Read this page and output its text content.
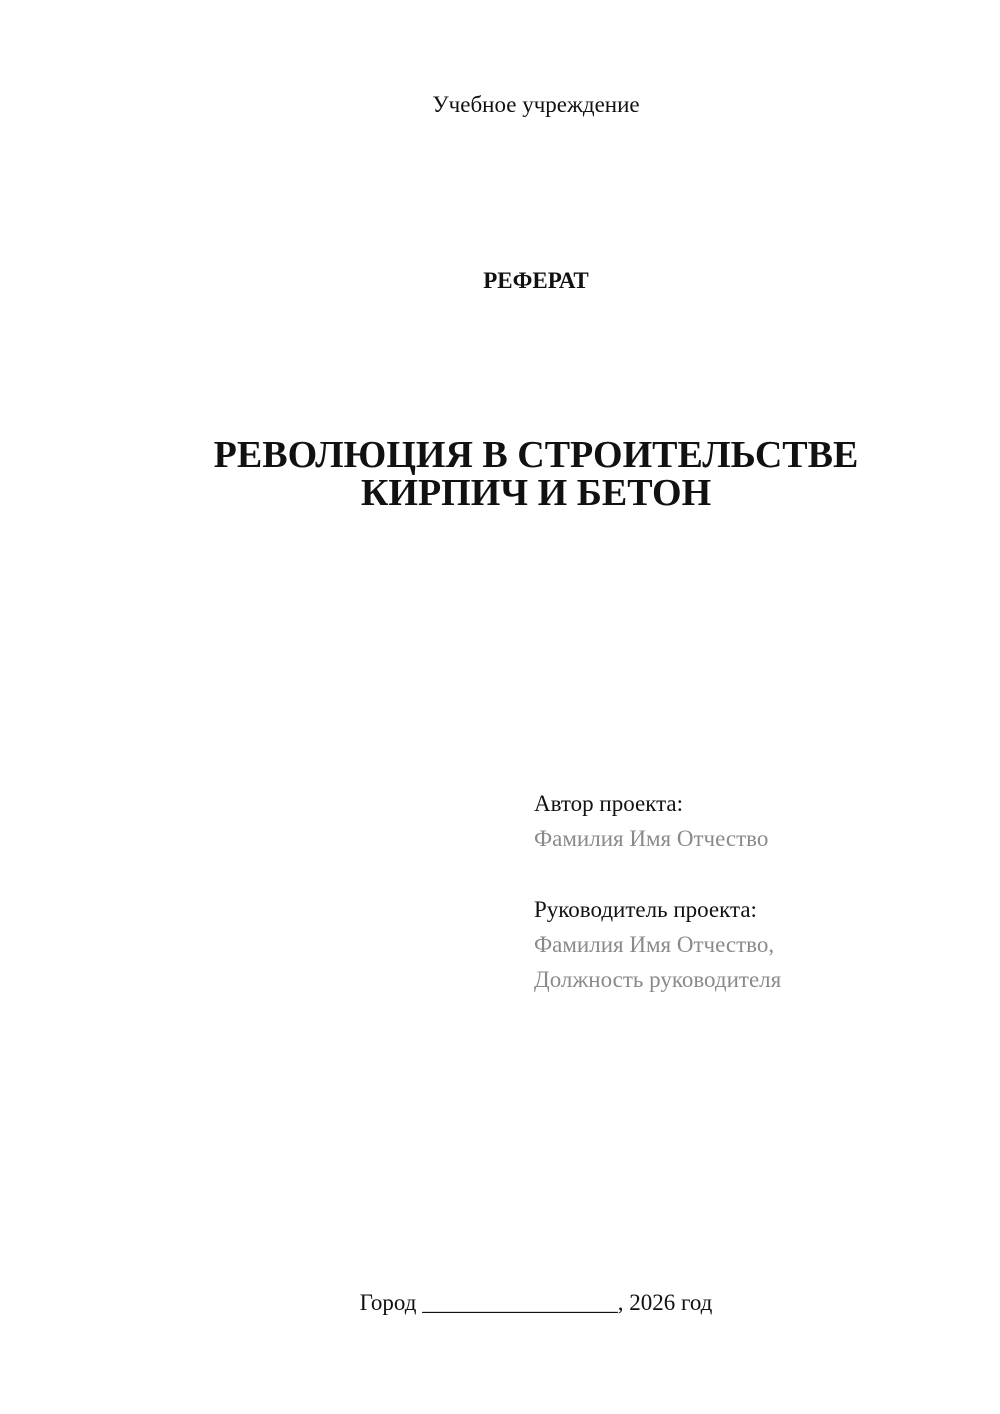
Учебное учреждение
РЕФЕРАТ
РЕВОЛЮЦИЯ В СТРОИТЕЛЬСТВЕ
КИРПИЧ И БЕТОН
Автор проекта:
Фамилия Имя Отчество
Руководитель проекта:
Фамилия Имя Отчество,
Должность руководителя
Город _________________, 2026 год
